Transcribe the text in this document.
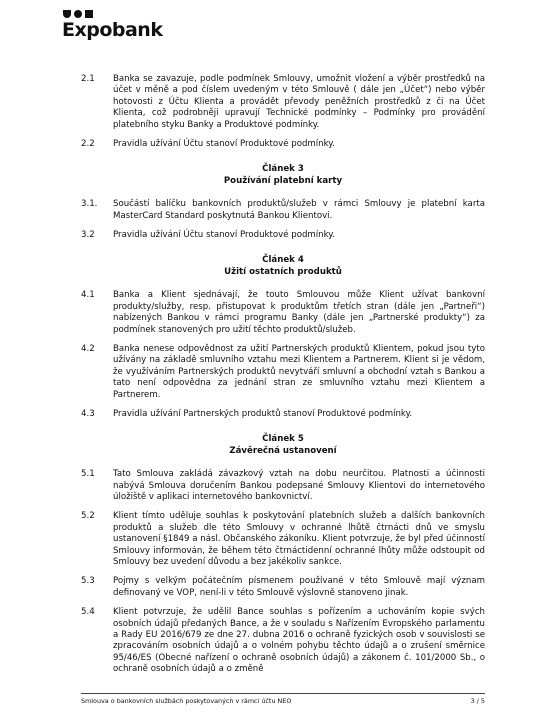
Expobank
2.1 Banka se zavazuje, podle podmínek Smlouvy, umožnit vložení a výběr prostředků na účet v měně a pod číslem uvedeným v této Smlouvě ( dále jen „Účet“) nebo výběr hotovosti z Účtu Klienta a provádět převody peněžních prostředků z či na Účet Klienta, což podrobněji upravují Technické podmínky – Podmínky pro provádění platebního styku Banky a Produktové podmínky.
2.2 Pravidla užívání Účtu stanoví Produktové podmínky.
Článek 3
Používání platební karty
3.1. Součástí balíčku bankovních produktů/služeb v rámci Smlouvy je platební karta MasterCard Standard poskytnutá Bankou Klientovi.
3.2 Pravidla užívání Účtu stanoví Produktové podmínky.
Článek 4
Užití ostatních produktů
4.1 Banka a Klient sjednávají, že touto Smlouvou může Klient užívat bankovní produkty/služby, resp. přistupovat k produktům třetích stran (dále jen „Partneři“) nabízených Bankou v rámci programu Banky (dále jen „Partnerské produkty“) za podmínek stanovených pro užití těchto produktů/služeb.
4.2 Banka nenese odpovědnost za užití Partnerských produktů Klientem, pokud jsou tyto užívány na základě smluvního vztahu mezi Klientem a Partnerem. Klient si je vědom, že využíváním Partnerských produktů nevytváří smluvní a obchodní vztah s Bankou a tato není odpovědna za jednání stran ze smluvního vztahu mezi Klientem a Partnerem.
4.3 Pravidla užívání Partnerských produktů stanoví Produktové podmínky.
Článek 5
Závěrečná ustanovení
5.1 Tato Smlouva zakládá závazkový vztah na dobu neurčitou. Platnosti a účinnosti nabývá Smlouva doručením Bankou podepsané Smlouvy Klientovi do internetového úložiště v aplikaci internetového bankovnictví.
5.2 Klient tímto uděluje souhlas k poskytování platebních služeb a dalších bankovních produktů a služeb dle této Smlouvy v ochranné lhůtě čtrnácti dnů ve smyslu ustanovení §1849 a násl. Občanského zákoníku. Klient potvrzuje, že byl před účinností Smlouvy informován, že během této čtrnáctidenní ochranné lhůty může odstoupit od Smlouvy bez uvedení důvodu a bez jakékoliv sankce.
5.3 Pojmy s velkým počátečním písmenem používané v této Smlouvě mají význam definovaný ve VOP, není-li v této Smlouvě výslovně stanoveno jinak.
5.4 Klient potvrzuje, že udělil Bance souhlas s pořízením a uchováním kopie svých osobních údajů předaných Bance, a že v souladu s Nařízením Evropského parlamentu a Rady EU 2016/679 ze dne 27. dubna 2016 o ochraně fyzických osob v souvislosti se zpracováním osobních údajů a o volném pohybu těchto údajů a o zrušení směrnice 95/46/ES (Obecné nařízení o ochraně osobních údajů) a zákonem č. 101/2000 Sb., o ochraně osobních údajů a o změně
Smlouva o bankovních službách poskytovaných v rámci účtu NEO	3 / 5
